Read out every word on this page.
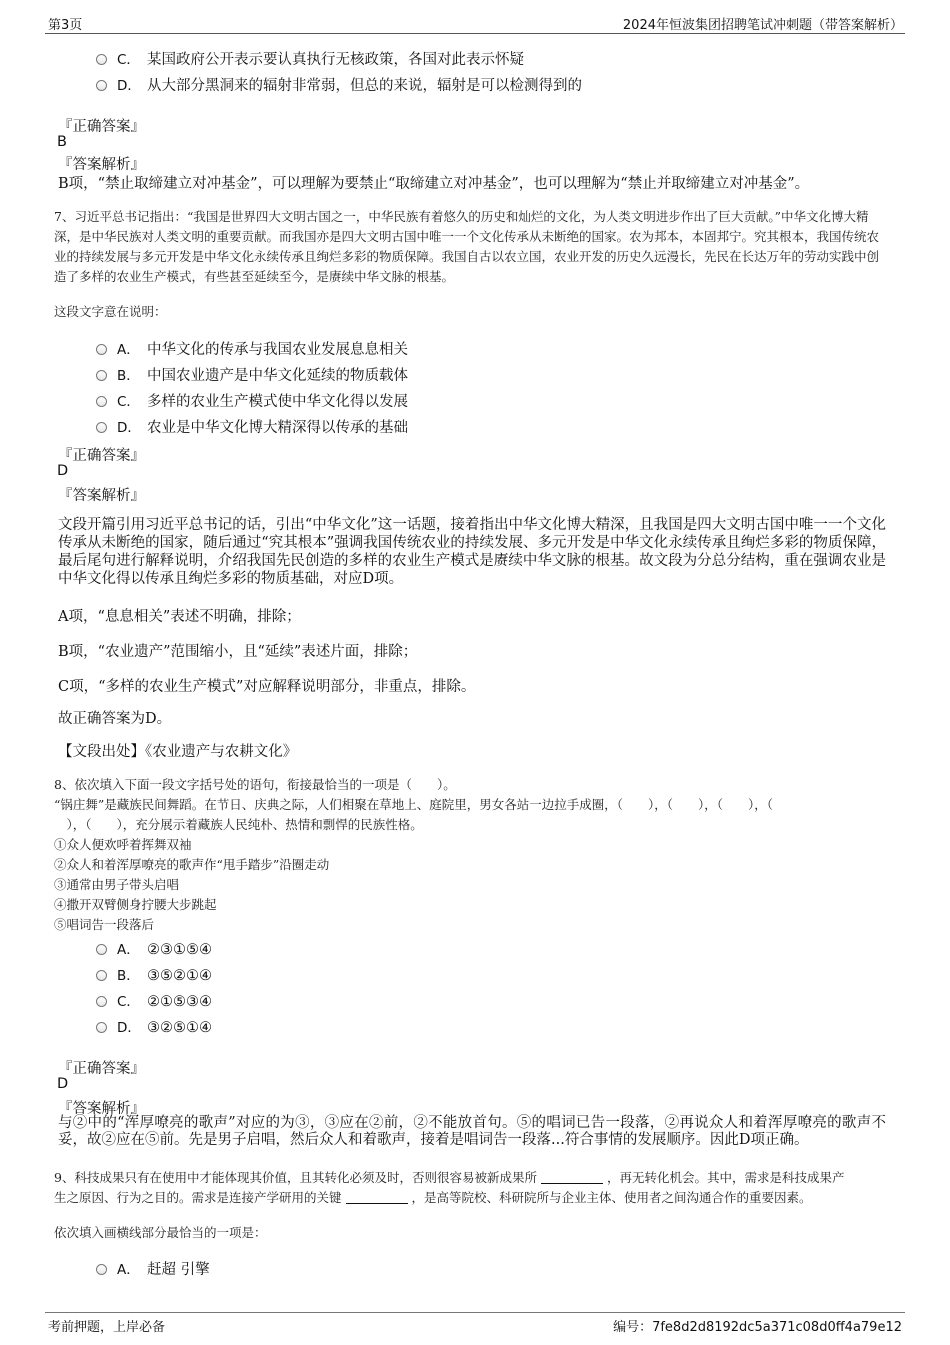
第3页	2024年恒波集团招聘笔试冲刺题（带答案解析）
C． 某国政府公开表示要认真执行无核政策，各国对此表示怀疑
D． 从大部分黑洞来的辐射非常弱，但总的来说，辐射是可以检测得到的
『正确答案』
B
『答案解析』
B项，“禁止取缔建立对冲基金”，可以理解为要禁止“取缔建立对冲基金”，也可以理解为“禁止并取缔建立对冲基金”。
7、习近平总书记指出：“我国是世界四大文明古国之一，中华民族有着悠久的历史和灿烂的文化，为人类文明进步作出了巨大贡献。”中华文化博大精深，是中华民族对人类文明的重要贡献。而我国亦是四大文明古国中唯一一个文化传承从未断绝的国家。农为邦本，本固邦宁。究其根本，我国传统农业的持续发展与多元开发是中华文化永续传承且绚烂多彩的物质保障。我国自古以农立国，农业开发的历史久远漫长，先民在长达万年的劳动实践中创造了多样的农业生产模式，有些甚至延续至今，是赓续中华文脉的根基。
这段文字意在说明：
A． 中华文化的传承与我国农业发展息息相关
B． 中国农业遗产是中华文化延续的物质载体
C． 多样的农业生产模式使中华文化得以发展
D． 农业是中华文化博大精深得以传承的基础
『正确答案』
D
『答案解析』
文段开篇引用习近平总书记的话，引出“中华文化”这一话题，接着指出中华文化博大精深，且我国是四大文明古国中唯一一个文化传承从未断绝的国家，随后通过“究其根本”强调我国传统农业的持续发展、多元开发是中华文化永续传承且绚烂多彩的物质保障，最后尾句进行解释说明，介绍我国先民创造的多样的农业生产模式是赓续中华文脉的根基。故文段为分总分结构，重在强调农业是中华文化得以传承且绚烂多彩的物质基础，对应D项。
A项，“息息相关”表述不明确，排除；
B项，“农业遗产”范围缩小，且“延续”表述片面，排除；
C项，“多样的农业生产模式”对应解释说明部分，非重点，排除。
故正确答案为D。
【文段出处】《农业遗产与农耕文化》
8、依次填入下面一段文字括号处的语句，衔接最恰当的一项是（　　）。
“锅庄舞”是藏族民间舞蹈。在节日、庆典之际，人们相聚在草地上、庭院里，男女各站一边拉手成圈，（　　），（　　），（　　），（
　），（　　），充分展示着藏族人民纯朴、热情和剽悍的民族性格。
①众人便欢呼着挥舞双袖
②众人和着浑厚嘹亮的歌声作“甩手踏步”沿圈走动
③通常由男子带头启唱
④撒开双臂侧身拧腰大步跳起
⑤唱词告一段落后
A． ②③①⑤④
B． ③⑤②①④
C． ②①⑤③④
D． ③②⑤①④
『正确答案』
D
『答案解析』
与②中的“浑厚嘹亮的歌声”对应的为③，③应在②前，②不能放首句。⑤的唱词已告一段落，②再说众人和着浑厚嘹亮的歌声不妥，故②应在⑤前。先是男子启唱，然后众人和着歌声，接着是唱词告一段落...符合事情的发展顺序。因此D项正确。
9、科技成果只有在使用中才能体现其价值，且其转化必须及时，否则很容易被新成果所	，再无转化机会。其中，需求是科技成果产
生之原因、行为之目的。需求是连接产学研用的关键	，是高等院校、科研院所与企业主体、使用者之间沟通合作的重要因素。
依次填入画横线部分最恰当的一项是：
A． 赶超 引擎
考前押题，上岸必备	编号：7fe8d2d8192dc5a371c08d0ff4a79e12
